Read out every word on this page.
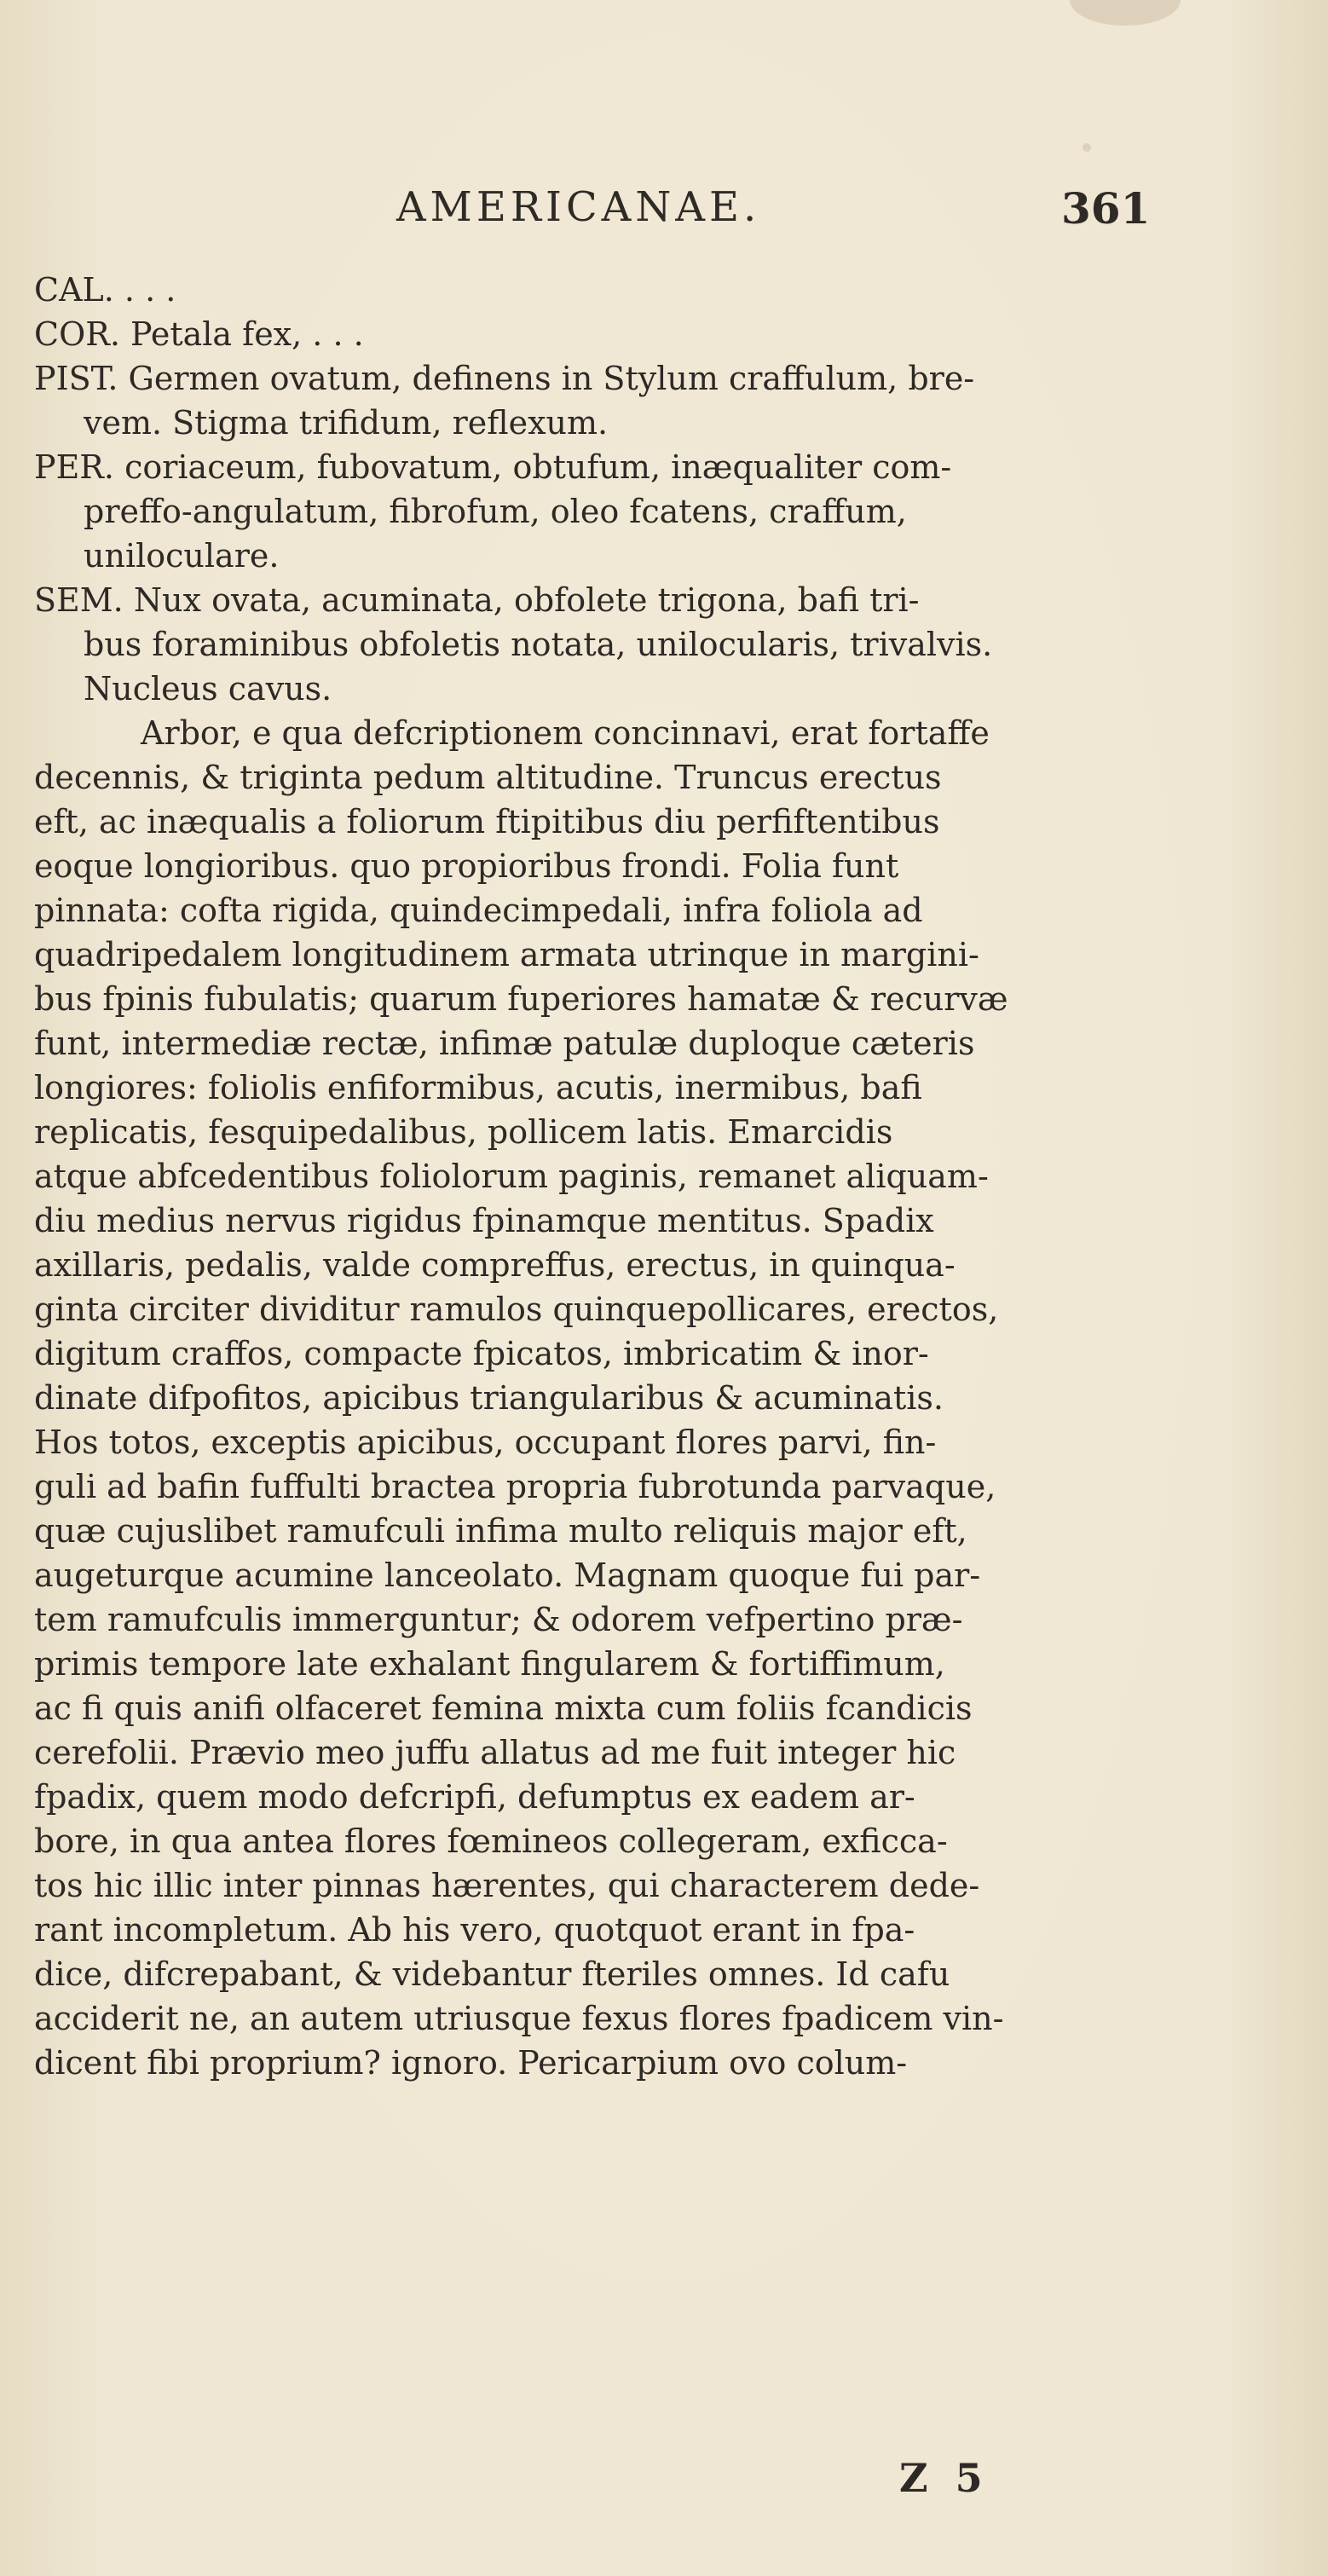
AMERICANAE.	361
CAL. . . .
COR. Petala fex, . . .
PIST. Germen ovatum, definens in Stylum craffulum, bre-
vem. Stigma trifidum, reflexum.
PER. coriaceum, fubovatum, obtufum, inæqualiter com-
preffo-angulatum, fibrofum, oleo fcatens, craffum,
uniloculare.
SEM. Nux ovata, acuminata, obfolete trigona, bafi tri-
bus foraminibus obfoletis notata, unilocularis, trivalvis.
Nucleus cavus.
Arbor, e qua defcriptionem concinnavi, erat fortaffe
decennis, & triginta pedum altitudine. Truncus erectus
eft, ac inæqualis a foliorum ftipitibus diu perfiftentibus
eoque longioribus. quo propioribus frondi. Folia funt
pinnata: cofta rigida, quindecimpedali, infra foliola ad
quadripedalem longitudinem armata utrinque in margini-
bus fpinis fubulatis; quarum fuperiores hamatæ & recurvæ
funt, intermediæ rectæ, infimæ patulæ duploque cæteris
longiores: foliolis enfiformibus, acutis, inermibus, bafi
replicatis, fesquipedalibus, pollicem latis. Emarcidis
atque abfcedentibus foliolorum paginis, remanet aliquam-
diu medius nervus rigidus fpinamque mentitus. Spadix
axillaris, pedalis, valde compreffus, erectus, in quinqua-
ginta circiter dividitur ramulos quinquepollicares, erectos,
digitum craffos, compacte fpicatos, imbricatim & inor-
dinate difpofitos, apicibus triangularibus & acuminatis.
Hos totos, exceptis apicibus, occupant flores parvi, fin-
guli ad bafin fuffulti bractea propria fubrotunda parvaque,
quæ cujuslibet ramufculi infima multo reliquis major eft,
augeturque acumine lanceolato. Magnam quoque fui par-
tem ramufculis immerguntur; & odorem vefpertino præ-
primis tempore late exhalant fingularem & fortiffimum,
ac fi quis anifi olfaceret femina mixta cum foliis fcandicis
cerefolii. Prævio meo juffu allatus ad me fuit integer hic
fpadix, quem modo defcripfi, defumptus ex eadem ar-
bore, in qua antea flores fœmineos collegeram, exficca-
tos hic illic inter pinnas hærentes, qui characterem dede-
rant incompletum. Ab his vero, quotquot erant in fpa-
dice, difcrepabant, & videbantur fteriles omnes. Id cafu
acciderit ne, an autem utriusque fexus flores fpadicem vin-
dicent fibi proprium? ignoro. Pericarpium ovo colum-
Z 5
